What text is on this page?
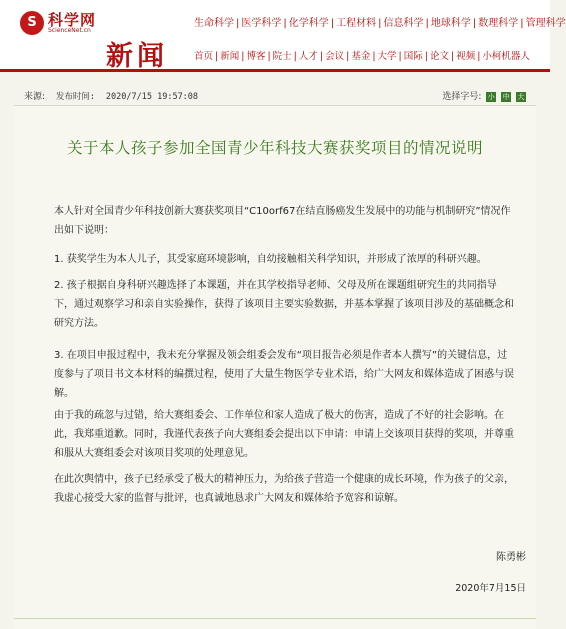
S 科学网
ScienceNet.cn
新闻
生命科学 | 医学科学 | 化学科学 | 工程材料 | 信息科学 | 地球科学 | 数理科学 | 管理科学
首页 | 新闻 | 博客 | 院士 | 人才 | 会议 | 基金 | 大学 | 国际 | 论文 | 视频 | 小柯机器人
来源: 发布时间: 2020/7/15 19:57:08	选择字号: 小 中 大
关于本人孩子参加全国青少年科技大赛获奖项目的情况说明
本人针对全国青少年科技创新大赛获奖项目“C10orf67在结直肠癌发生发展中的功能与机制研究”情况作出如下说明：
1. 获奖学生为本人儿子，其受家庭环境影响，自幼接触相关科学知识，并形成了浓厚的科研兴趣。
2. 孩子根据自身科研兴趣选择了本课题，并在其学校指导老师、父母及所在课题组研究生的共同指导下，通过观察学习和亲自实验操作，获得了该项目主要实验数据，并基本掌握了该项目涉及的基础概念和研究方法。
3. 在项目申报过程中，我未充分掌握及领会组委会发布“项目报告必须是作者本人撰写”的关键信息，过度参与了项目书文本材料的编撰过程，使用了大量生物医学专业术语，给广大网友和媒体造成了困惑与误解。
由于我的疏忽与过错，给大赛组委会、工作单位和家人造成了极大的伤害，造成了不好的社会影响。在此，我郑重道歉。同时，我谨代表孩子向大赛组委会提出以下申请：申请上交该项目获得的奖项，并尊重和服从大赛组委会对该项目奖项的处理意见。
在此次舆情中，孩子已经承受了极大的精神压力，为给孩子营造一个健康的成长环境，作为孩子的父亲，我虚心接受大家的监督与批评，也真诚地恳求广大网友和媒体给予宽容和谅解。
陈勇彬
2020年7月15日
